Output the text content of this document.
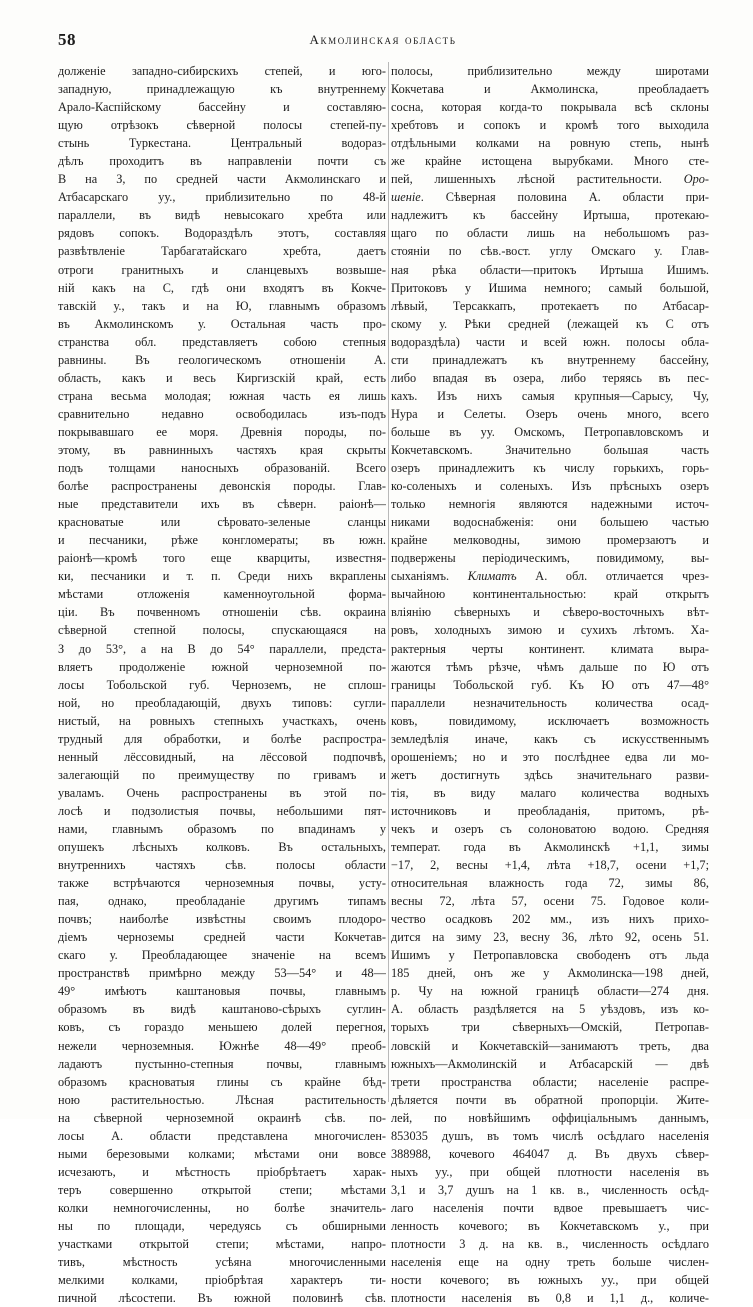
58	Акмолинская область
долженіе западно-сибирскихъ степей, и юго-
западную, принадлежащую къ внутреннему
Арало-Каспійскому бассейну и составляю-
щую отрѣзокъ сѣверной полосы степей-пу-
стынь Туркестана. Центральный водораз-
дѣлъ проходитъ въ направленіи почти съ
В на З, по средней части Акмолинскаго и
Атбасарскаго уу., приблизительно по 48-й
параллели, въ видѣ невысокаго хребта или
рядовъ сопокъ. Водораздѣлъ этотъ, составляя
развѣтвленіе Тарбагатайскаго хребта, даетъ
отроги гранитныхъ и сланцевыхъ возвыше-
ній какъ на С, гдѣ они входятъ въ Кокче-
тавскій у., такъ и на Ю, главнымъ образомъ
въ Акмолинскомъ у. Остальная часть про-
странства обл. представляетъ собою степныя
равнины. Въ геологическомъ отношеніи А.
область, какъ и весь Киргизскій край, есть
страна весьма молодая; южная часть ея лишь
сравнительно недавно освободилась изъ-подъ
покрывавшаго ее моря. Древнія породы, по-
этому, въ равнинныхъ частяхъ края скрыты
подъ толщами наносныхъ образованій. Всего
болѣе распространены девонскія породы. Глав-
ные представители ихъ въ сѣверн. раіонѣ—
красноватые или сѣровато-зеленые сланцы
и песчаники, рѣже конгломераты; въ южн.
раіонѣ—кромѣ того еще кварциты, известня-
ки, песчаники и т. п. Среди нихъ вкраплены
мѣстами отложенія каменноугольной форма-
ціи. Въ почвенномъ отношеніи сѣв. окраина
сѣверной степной полосы, спускающаяся на
З до 53°, а на В до 54° параллели, предста-
вляетъ продолженіе южной черноземной по-
лосы Тобольской губ. Черноземъ, не сплош-
ной, но преобладающій, двухъ типовъ: сугли-
нистый, на ровныхъ степныхъ участкахъ, очень
трудный для обработки, и болѣе распростра-
ненный лёссовидный, на лёссовой подпочвѣ,
залегающій по преимуществу по гривамъ и
уваламъ. Очень распространены въ этой по-
лосѣ и подзолистыя почвы, небольшими пят-
нами, главнымъ образомъ по впадинамъ у
опушекъ лѣсныхъ колковъ. Въ остальныхъ,
внутреннихъ частяхъ сѣв. полосы области
также встрѣчаются черноземныя почвы, усту-
пая, однако, преобладаніе другимъ типамъ
почвъ; наиболѣе извѣстны своимъ плодоро-
діемъ черноземы средней части Кокчетав-
скаго у. Преобладающее значеніе на всемъ
пространствѣ примѣрно между 53—54° и 48—
49° имѣютъ каштановыя почвы, главнымъ
образомъ въ видѣ каштаново-сѣрыхъ суглин-
ковъ, съ гораздо меньшею долей перегноя,
нежели черноземныя. Южнѣе 48—49° преоб-
ладаютъ пустынно-степныя почвы, главнымъ
образомъ красноватыя глины съ крайне бѣд-
ною растительностью. Лѣсная растительность
на сѣверной черноземной окраинѣ сѣв. по-
лосы А. области представлена многочислен-
ными березовыми колками; мѣстами они вовсе
исчезаютъ, и мѣстность пріобрѣтаетъ харак-
теръ совершенно открытой степи; мѣстами
колки немногочисленны, но болѣе значитель-
ны по площади, чередуясь съ обширными
участками открытой степи; мѣстами, напро-
тивъ, мѣстность усѣяна многочисленными
мелкими колками, пріобрѣтая характеръ ти-
пичной лѣсостепи. Въ южной половинѣ сѣв.
полосы, приблизительно между широтами
Кокчетава и Акмолинска, преобладаетъ
сосна, которая когда-то покрывала всѣ склоны
хребтовъ и сопокъ и кромѣ того выходила
отдѣльными колками на ровную степь, нынѣ
же крайне истощена вырубками. Много сте-
пей, лишенныхъ лѣсной растительности. Оро-
шеніе. Сѣверная половина А. области при-
надлежитъ къ бассейну Иртыша, протекаю-
щаго по области лишь на небольшомъ раз-
стояніи по сѣв.-вост. углу Омскаго у. Глав-
ная рѣка области—притокъ Иртыша Ишимъ.
Притоковъ у Ишима немного; самый большой,
лѣвый, Терсаккапъ, протекаетъ по Атбасар-
скому у. Рѣки средней (лежащей къ С отъ
водораздѣла) части и всей южн. полосы обла-
сти принадлежатъ къ внутреннему бассейну,
либо впадая въ озера, либо теряясь въ пес-
кахъ. Изъ нихъ самыя крупныя—Сарысу, Чу,
Нура и Селеты. Озеръ очень много, всего
больше въ уу. Омскомъ, Петропавловскомъ и
Кокчетавскомъ. Значительно большая часть
озеръ принадлежитъ къ числу горькихъ, горь-
ко-соленыхъ и соленыхъ. Изъ прѣсныхъ озеръ
только немногія являются надежными источ-
никами водоснабженія: они большею частью
крайне мелководны, зимою промерзаютъ и
подвержены періодическимъ, повидимому, вы-
сыханіямъ. Климатъ А. обл. отличается чрез-
вычайною континентальностью: край открытъ
вліянію сѣверныхъ и сѣверо-восточныхъ вѣт-
ровъ, холодныхъ зимою и сухихъ лѣтомъ. Ха-
рактерныя черты континент. климата выра-
жаются тѣмъ рѣзче, чѣмъ дальше по Ю отъ
границы Тобольской губ. Къ Ю отъ 47—48°
параллели незначительность количества осад-
ковъ, повидимому, исключаетъ возможность
земледѣлія иначе, какъ съ искусственнымъ
орошеніемъ; но и это послѣднее едва ли мо-
жетъ достигнуть здѣсь значительнаго разви-
тія, въ виду малаго количества водныхъ
источниковъ и преобладанія, притомъ, рѣ-
чекъ и озеръ съ солоноватою водою. Средняя
температ. года въ Акмолинскѣ +1,1, зимы
−17, 2, весны +1,4, лѣта +18,7, осени +1,7;
относительная влажность года 72, зимы 86,
весны 72, лѣта 57, осени 75. Годовое коли-
чество осадковъ 202 мм., изъ нихъ прихо-
дится на зиму 23, весну 36, лѣто 92, осень 51.
Ишимъ у Петропавловска свободенъ отъ льда
185 дней, онъ же у Акмолинска—198 дней,
р. Чу на южной границѣ области—274 дня.
А. область раздѣляется на 5 уѣздовъ, изъ ко-
торыхъ три сѣверныхъ—Омскій, Петропав-
ловскій и Кокчетавскій—занимаютъ треть, два
южныхъ—Акмолинскій и Атбасарскій — двѣ
трети пространства области; населеніе распре-
дѣляется почти въ обратной пропорціи. Жите-
лей, по новѣйшимъ оффиціальнымъ даннымъ,
853035 душъ, въ томъ числѣ осѣдлаго населенія
388988, кочевого 464047 д. Въ двухъ сѣвер-
ныхъ уу., при общей плотности населенія въ
3,1 и 3,7 душъ на 1 кв. в., численность осѣд-
лаго населенія почти вдвое превышаетъ чис-
ленность кочевого; въ Кокчетавскомъ у., при
плотности 3 д. на кв. в., численность осѣдлаго
населенія еще на одну треть больше числен-
ности кочевого; въ южныхъ уу., при общей
плотности населенія въ 0,8 и 1,1 д., количе-
